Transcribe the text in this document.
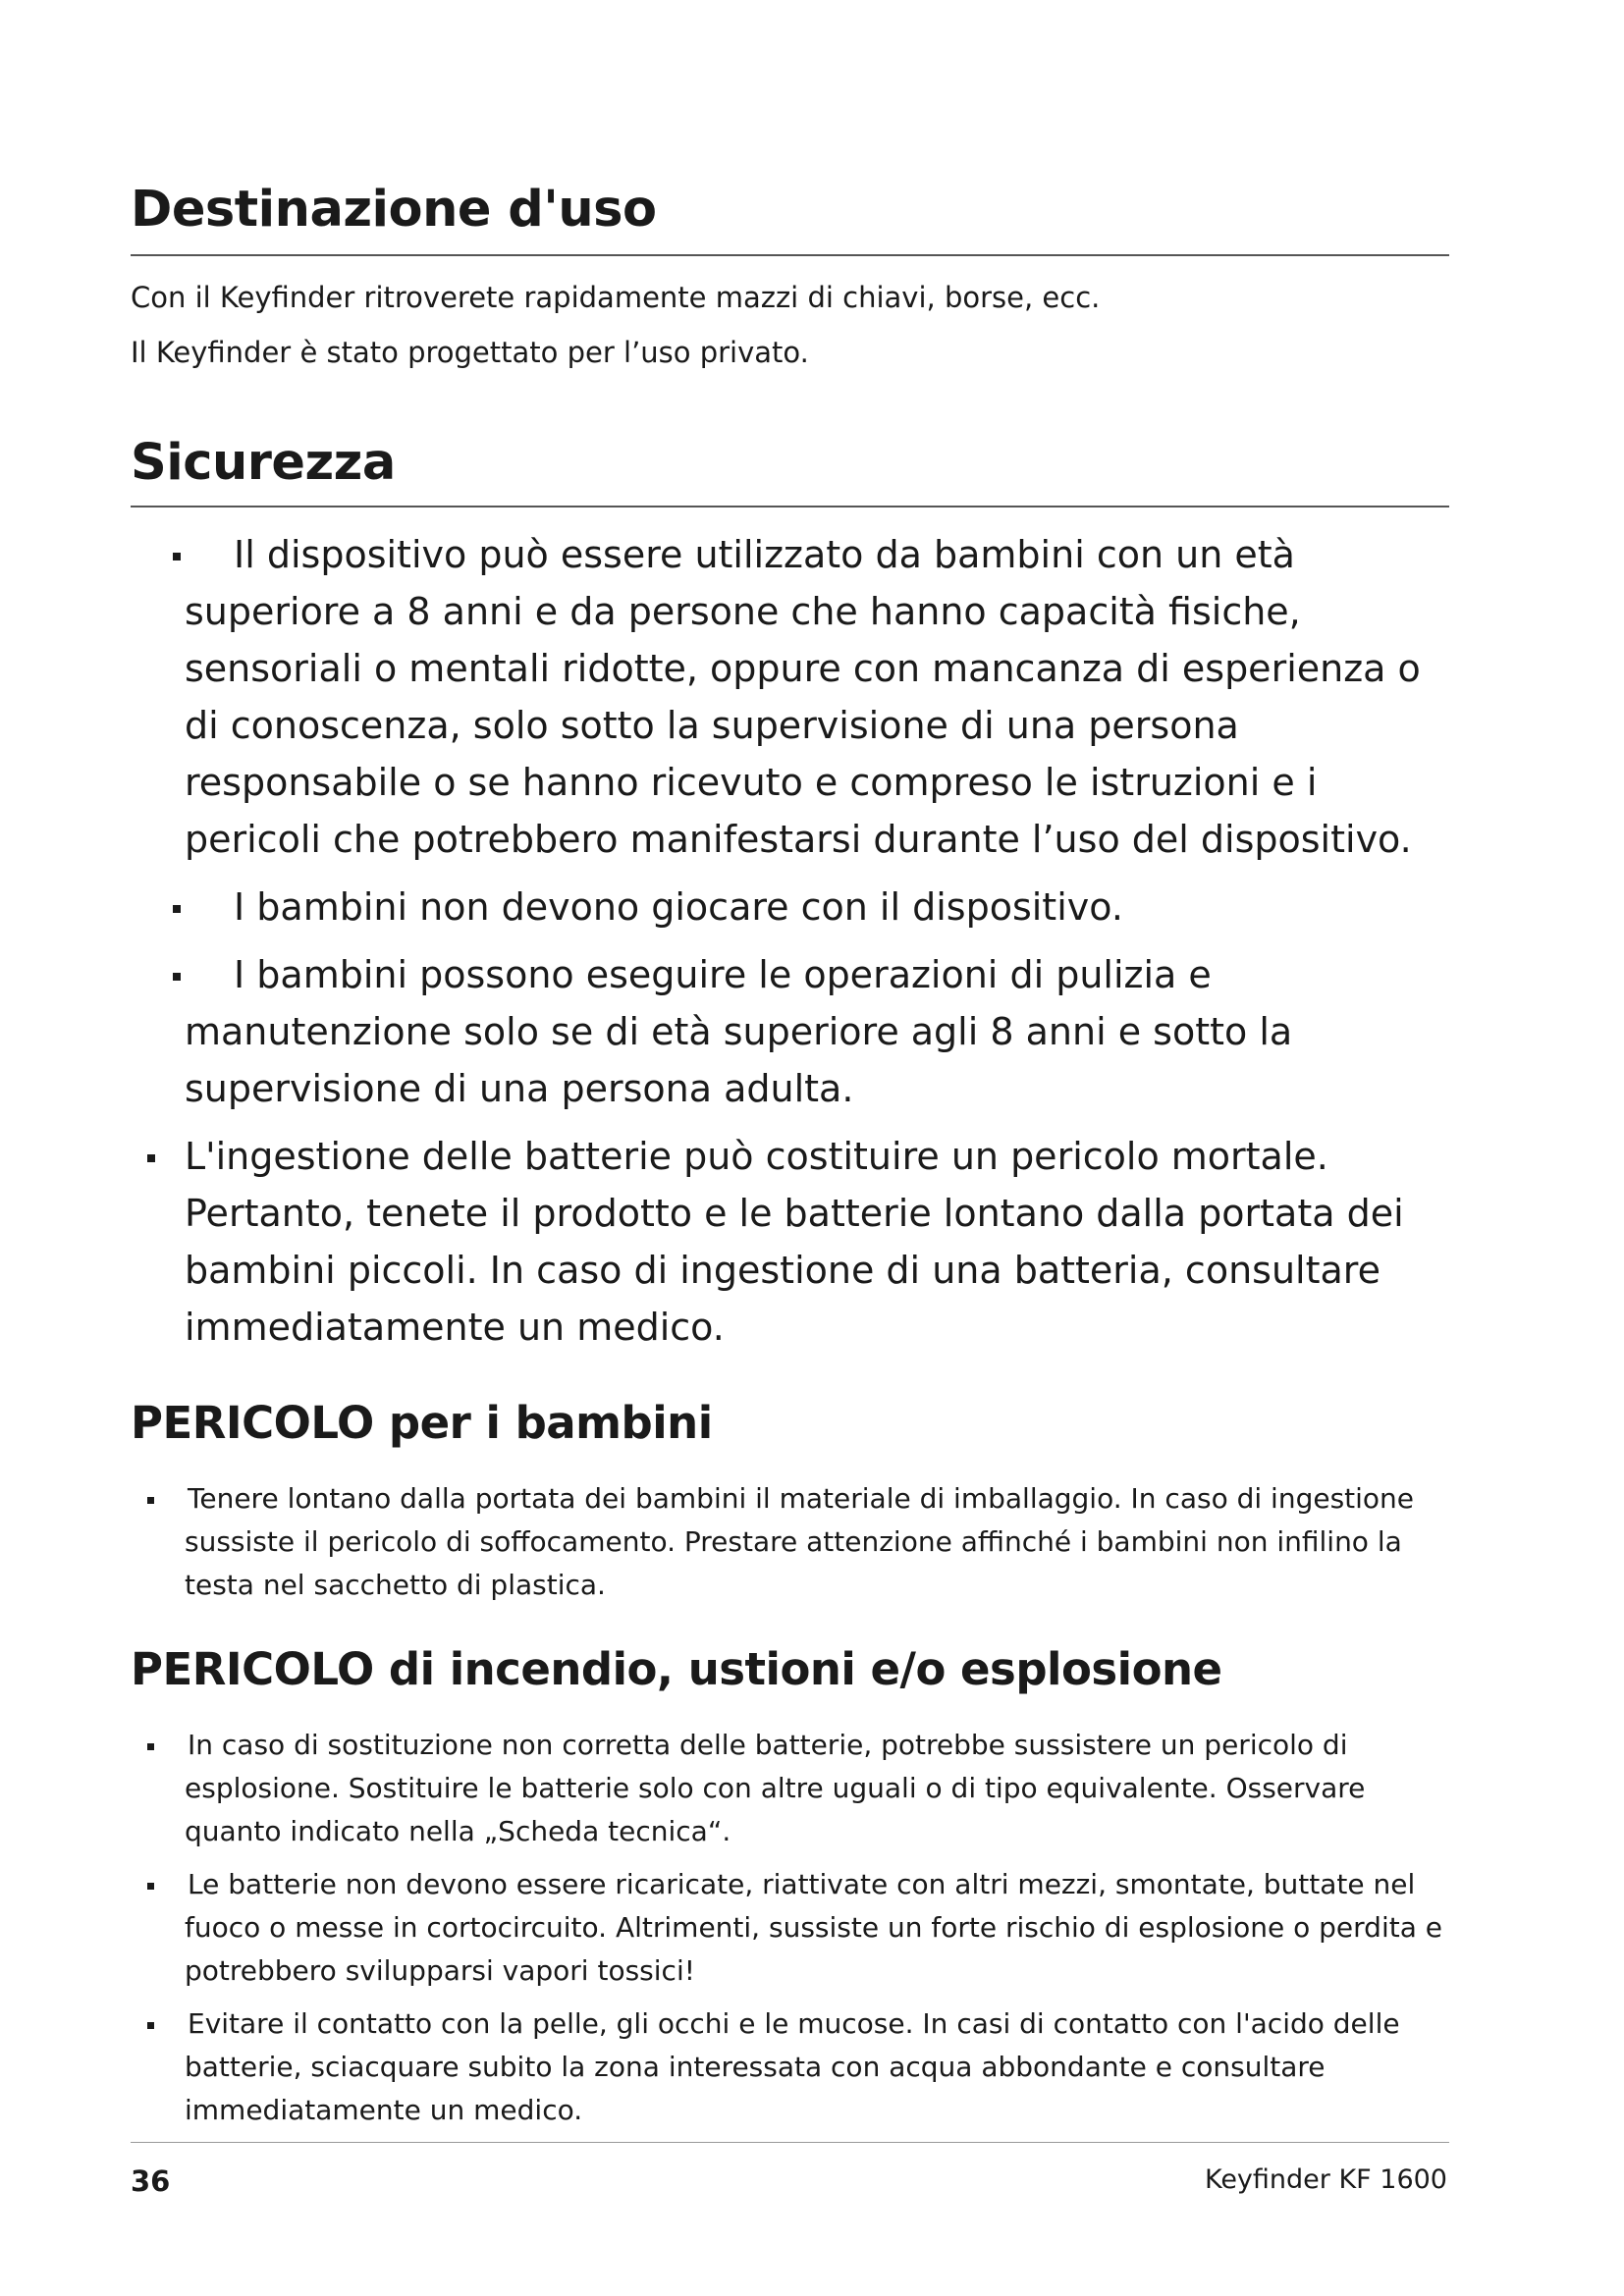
Destinazione d'uso

Con il Keyfinder ritroverete rapidamente mazzi di chiavi, borse, ecc.

Il Keyfinder è stato progettato per l’uso privato.

Sicurezza
Il dispositivo può essere utilizzato da bambini con un età superiore a 8 anni e da persone che hanno capacità fisiche, sensoriali o mentali ridotte, oppure con mancanza di esperienza o di conoscenza, solo sotto la supervisione di una persona responsabile o se hanno ricevuto e compreso le istruzioni e i pericoli che potrebbero manifestarsi durante l’uso del dispositivo.
I bambini non devono giocare con il dispositivo.
I bambini possono eseguire le operazioni di pulizia e manutenzione solo se di età superiore agli 8 anni e sotto la supervisione di una persona adulta.
L'ingestione delle batterie può costituire un pericolo mortale. Pertanto, tenete il prodotto e le batterie lontano dalla portata dei bambini piccoli. In caso di ingestione di una batteria, consultare immediatamente un medico.
PERICOLO per i bambini
Tenere lontano dalla portata dei bambini il materiale di imballaggio. In caso di ingestione sussiste il pericolo di soffocamento. Prestare attenzione affinché i bambini non infilino la testa nel sacchetto di plastica.
PERICOLO di incendio, ustioni e/o esplosione
In caso di sostituzione non corretta delle batterie, potrebbe sussistere un pericolo di esplosione. Sostituire le batterie solo con altre uguali o di tipo equivalente. Osservare quanto indicato nella „Scheda tecnica“.
Le batterie non devono essere ricaricate, riattivate con altri mezzi, smontate, buttate nel fuoco o messe in cortocircuito. Altrimenti, sussiste un forte rischio di esplosione o perdita e potrebbero svilupparsi vapori tossici!
Evitare il contatto con la pelle, gli occhi e le mucose. In casi di contatto con l'acido delle batterie, sciacquare subito la zona interessata con acqua abbondante e consultare immediatamente un medico.
36	Keyfinder KF 1600
